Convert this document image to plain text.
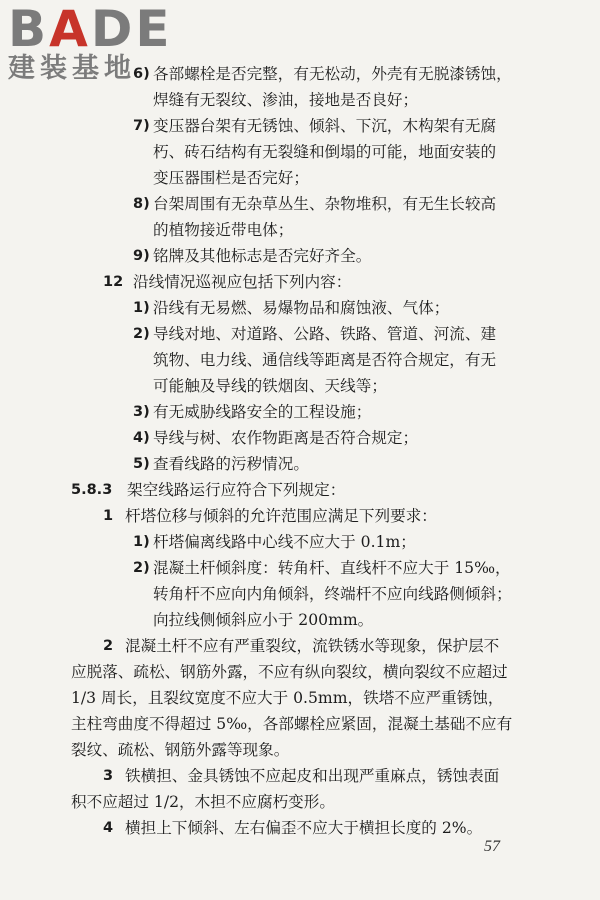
BADE
建装基地
6) 各部螺栓是否完整，有无松动，外壳有无脱漆锈蚀，
焊缝有无裂纹、渗油，接地是否良好；
7) 变压器台架有无锈蚀、倾斜、下沉，木构架有无腐
朽、砖石结构有无裂缝和倒塌的可能，地面安装的
变压器围栏是否完好；
8) 台架周围有无杂草丛生、杂物堆积，有无生长较高
的植物接近带电体；
9) 铭牌及其他标志是否完好齐全。
12 沿线情况巡视应包括下列内容：
1) 沿线有无易燃、易爆物品和腐蚀液、气体；
2) 导线对地、对道路、公路、铁路、管道、河流、建
筑物、电力线、通信线等距离是否符合规定，有无
可能触及导线的铁烟囱、天线等；
3) 有无威胁线路安全的工程设施；
4) 导线与树、农作物距离是否符合规定；
5) 查看线路的污秽情况。
5.8.3 架空线路运行应符合下列规定：
1 杆塔位移与倾斜的允许范围应满足下列要求：
1) 杆塔偏离线路中心线不应大于 0.1m；
2) 混凝土杆倾斜度：转角杆、直线杆不应大于 15‰，
转角杆不应向内角倾斜，终端杆不应向线路侧倾斜；
向拉线侧倾斜应小于 200mm。
2 混凝土杆不应有严重裂纹，流铁锈水等现象，保护层不
应脱落、疏松、钢筋外露，不应有纵向裂纹，横向裂纹不应超过
1/3 周长，且裂纹宽度不应大于 0.5mm，铁塔不应严重锈蚀，
主柱弯曲度不得超过 5‰，各部螺栓应紧固，混凝土基础不应有
裂纹、疏松、钢筋外露等现象。
3 铁横担、金具锈蚀不应起皮和出现严重麻点，锈蚀表面
积不应超过 1/2，木担不应腐朽变形。
4 横担上下倾斜、左右偏歪不应大于横担长度的 2%。
57
